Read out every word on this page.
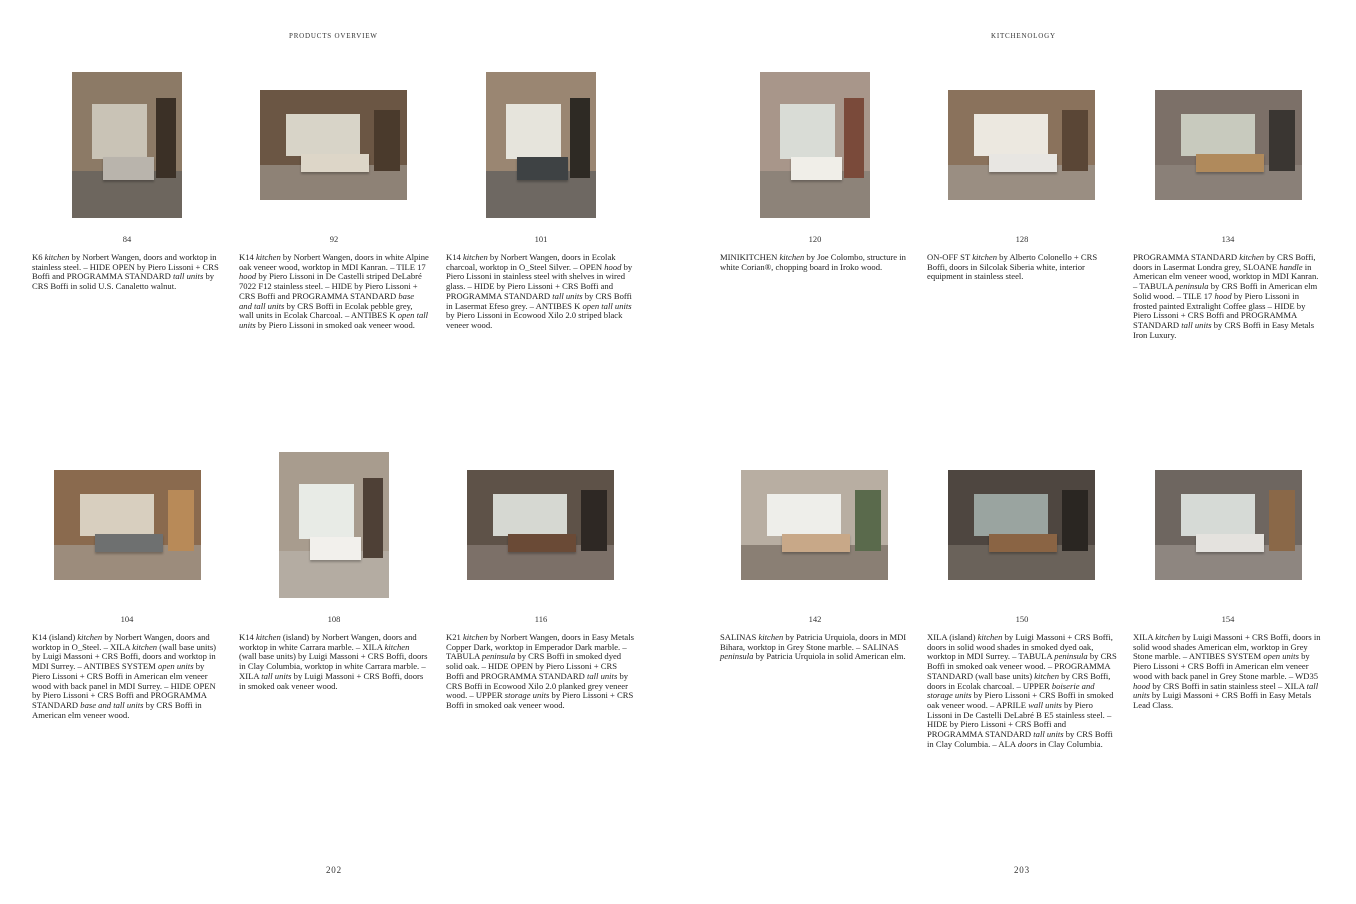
PRODUCTS OVERVIEW	KITCHENOLOGY
84
K6 kitchen by Norbert Wangen, doors and worktop in stainless steel. – HIDE OPEN by Piero Lissoni + CRS Boffi and PROGRAMMA STANDARD tall units by CRS Boffi in solid U.S. Canaletto walnut.
92
K14 kitchen by Norbert Wangen, doors in white Alpine oak veneer wood, worktop in MDI Kanran. – TILE 17 hood by Piero Lissoni in De Castelli striped DeLabré 7022 F12 stainless steel. – HIDE by Piero Lissoni + CRS Boffi and PROGRAMMA STANDARD base and tall units by CRS Boffi in Ecolak pebble grey, wall units in Ecolak Charcoal. – ANTIBES K open tall units by Piero Lissoni in smoked oak veneer wood.
101
K14 kitchen by Norbert Wangen, doors in Ecolak charcoal, worktop in O_Steel Silver. – OPEN hood by Piero Lissoni in stainless steel with shelves in wired glass. – HIDE by Piero Lissoni + CRS Boffi and PROGRAMMA STANDARD tall units by CRS Boffi in Lasermat Efeso grey. – ANTIBES K open tall units by Piero Lissoni in Ecowood Xilo 2.0 striped black veneer wood.
120
MINIKITCHEN kitchen by Joe Colombo, structure in white Corian®, chopping board in Iroko wood.
128
ON-OFF ST kitchen by Alberto Colonello + CRS Boffi, doors in Silcolak Siberia white, interior equipment in stainless steel.
134
PROGRAMMA STANDARD kitchen by CRS Boffi, doors in Lasermat Londra grey, SLOANE handle in American elm veneer wood, worktop in MDI Kanran. – TABULA peninsula by CRS Boffi in American elm Solid wood. – TILE 17 hood by Piero Lissoni in frosted painted Extralight Coffee glass – HIDE by Piero Lissoni + CRS Boffi and PROGRAMMA STANDARD tall units by CRS Boffi in Easy Metals Iron Luxury.
104
K14 (island) kitchen by Norbert Wangen, doors and worktop in O_Steel. – XILA kitchen (wall base units) by Luigi Massoni + CRS Boffi, doors and worktop in MDI Surrey. – ANTIBES SYSTEM open units by Piero Lissoni + CRS Boffi in American elm veneer wood with back panel in MDI Surrey. – HIDE OPEN by Piero Lissoni + CRS Boffi and PROGRAMMA STANDARD base and tall units by CRS Boffi in American elm veneer wood.
108
K14 kitchen (island) by Norbert Wangen, doors and worktop in white Carrara marble. – XILA kitchen (wall base units) by Luigi Massoni + CRS Boffi, doors in Clay Columbia, worktop in white Carrara marble. – XILA tall units by Luigi Massoni + CRS Boffi, doors in smoked oak veneer wood.
116
K21 kitchen by Norbert Wangen, doors in Easy Metals Copper Dark, worktop in Emperador Dark marble. – TABULA peninsula by CRS Boffi in smoked dyed solid oak. – HIDE OPEN by Piero Lissoni + CRS Boffi and PROGRAMMA STANDARD tall units by CRS Boffi in Ecowood Xilo 2.0 planked grey veneer wood. – UPPER storage units by Piero Lissoni + CRS Boffi in smoked oak veneer wood.
142
SALINAS kitchen by Patricia Urquiola, doors in MDI Bihara, worktop in Grey Stone marble. – SALINAS peninsula by Patricia Urquiola in solid American elm.
150
XILA (island) kitchen by Luigi Massoni + CRS Boffi, doors in solid wood shades in smoked dyed oak, worktop in MDI Surrey. – TABULA peninsula by CRS Boffi in smoked oak veneer wood. – PROGRAMMA STANDARD (wall base units) kitchen by CRS Boffi, doors in Ecolak charcoal. – UPPER boiserie and storage units by Piero Lissoni + CRS Boffi in smoked oak veneer wood. – APRILE wall units by Piero Lissoni in De Castelli DeLabré B E5 stainless steel. – HIDE by Piero Lissoni + CRS Boffi and PROGRAMMA STANDARD tall units by CRS Boffi in Clay Columbia. – ALA doors in Clay Columbia.
154
XILA kitchen by Luigi Massoni + CRS Boffi, doors in solid wood shades American elm, worktop in Grey Stone marble. – ANTIBES SYSTEM open units by Piero Lissoni + CRS Boffi in American elm veneer wood with back panel in Grey Stone marble. – WD35 hood by CRS Boffi in satin stainless steel – XILA tall units by Luigi Massoni + CRS Boffi in Easy Metals Lead Class.
202	203
